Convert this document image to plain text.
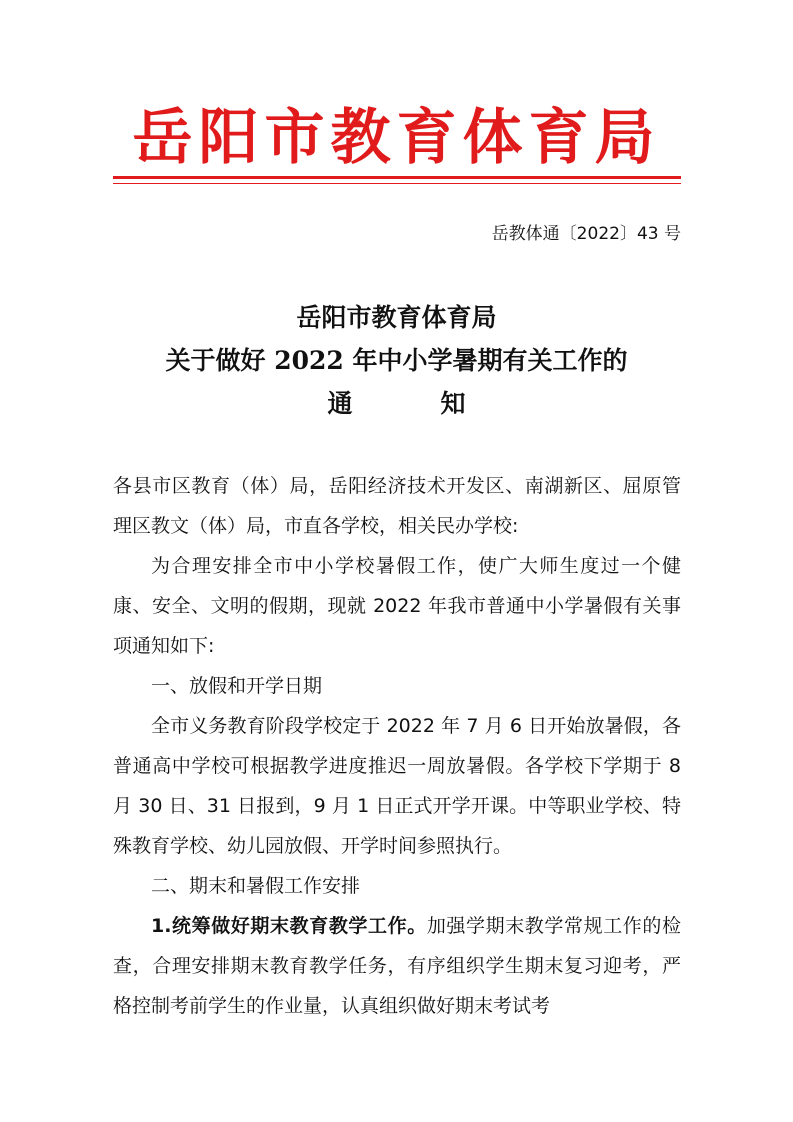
岳阳市教育体育局
岳教体通〔2022〕43 号
岳阳市教育体育局
关于做好 2022 年中小学暑期有关工作的
通	知

各县市区教育（体）局，岳阳经济技术开发区、南湖新区、屈原管理区教文（体）局，市直各学校，相关民办学校:

为合理安排全市中小学校暑假工作，使广大师生度过一个健康、安全、文明的假期，现就 2022 年我市普通中小学暑假有关事项通知如下:

一、放假和开学日期

全市义务教育阶段学校定于 2022 年 7 月 6 日开始放暑假，各普通高中学校可根据教学进度推迟一周放暑假。各学校下学期于 8 月 30 日、31 日报到，9 月 1 日正式开学开课。中等职业学校、特殊教育学校、幼儿园放假、开学时间参照执行。

二、期末和暑假工作安排

1.统筹做好期末教育教学工作。加强学期末教学常规工作的检查，合理安排期末教育教学任务，有序组织学生期末复习迎考，严格控制考前学生的作业量，认真组织做好期末考试考
